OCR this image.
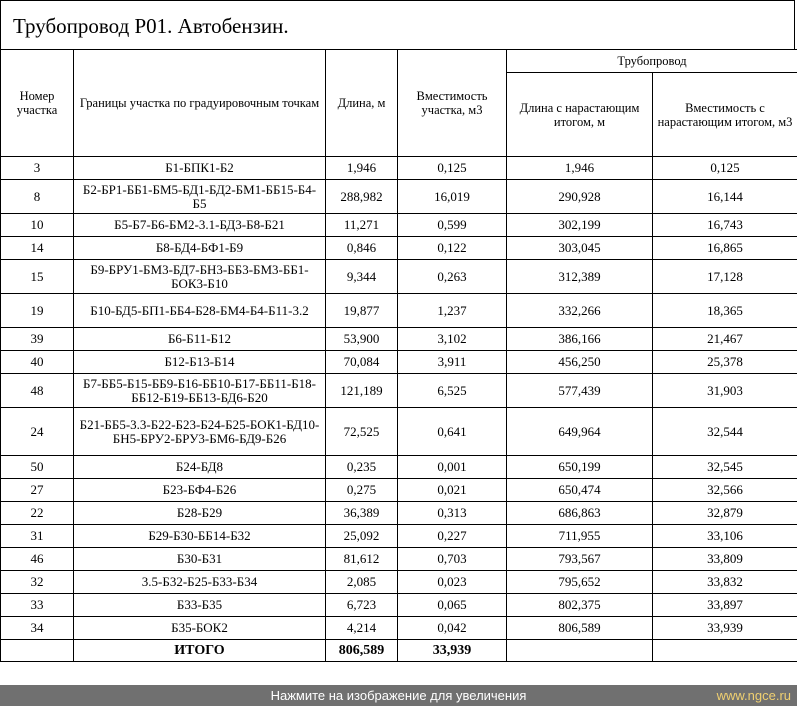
Трубопровод Р01. Автобензин.
Номер участка	Границы участка по градуировочным точкам	Длина, м	Вместимость участка, м3	Трубопровод	
				Длина с нарастающим итогом, м	Вместимость с нарастающим итогом, м3
3	Б1-БПК1-Б2	1,946	0,125	1,946	0,125
8	Б2-БР1-ББ1-БМ5-БД1-БД2-БМ1-ББ15-Б4-Б5	288,982	16,019	290,928	16,144
10	Б5-Б7-Б6-БМ2-3.1-БД3-Б8-Б21	11,271	0,599	302,199	16,743
14	Б8-БД4-БФ1-Б9	0,846	0,122	303,045	16,865
15	Б9-БРУ1-БМ3-БД7-БН3-ББ3-БМ3-ББ1-БОК3-Б10	9,344	0,263	312,389	17,128
19	Б10-БД5-БП1-ББ4-Б28-БМ4-Б4-Б11-3.2	19,877	1,237	332,266	18,365
39	Б6-Б11-Б12	53,900	3,102	386,166	21,467
40	Б12-Б13-Б14	70,084	3,911	456,250	25,378
48	Б7-ББ5-Б15-ББ9-Б16-ББ10-Б17-ББ11-Б18-ББ12-Б19-ББ13-БД6-Б20	121,189	6,525	577,439	31,903
24	Б21-ББ5-3.3-Б22-Б23-Б24-Б25-БОК1-БД10-БН5-БРУ2-БРУ3-БМ6-БД9-Б26	72,525	0,641	649,964	32,544
50	Б24-БД8	0,235	0,001	650,199	32,545
27	Б23-БФ4-Б26	0,275	0,021	650,474	32,566
22	Б28-Б29	36,389	0,313	686,863	32,879
31	Б29-Б30-ББ14-Б32	25,092	0,227	711,955	33,106
46	Б30-Б31	81,612	0,703	793,567	33,809
32	3.5-Б32-Б25-Б33-Б34	2,085	0,023	795,652	33,832
33	Б33-Б35	6,723	0,065	802,375	33,897
34	Б35-БОК2	4,214	0,042	806,589	33,939
	ИТОГО	806,589	33,939		
Нажмите на изображение для увеличения	www.ngce.ru
